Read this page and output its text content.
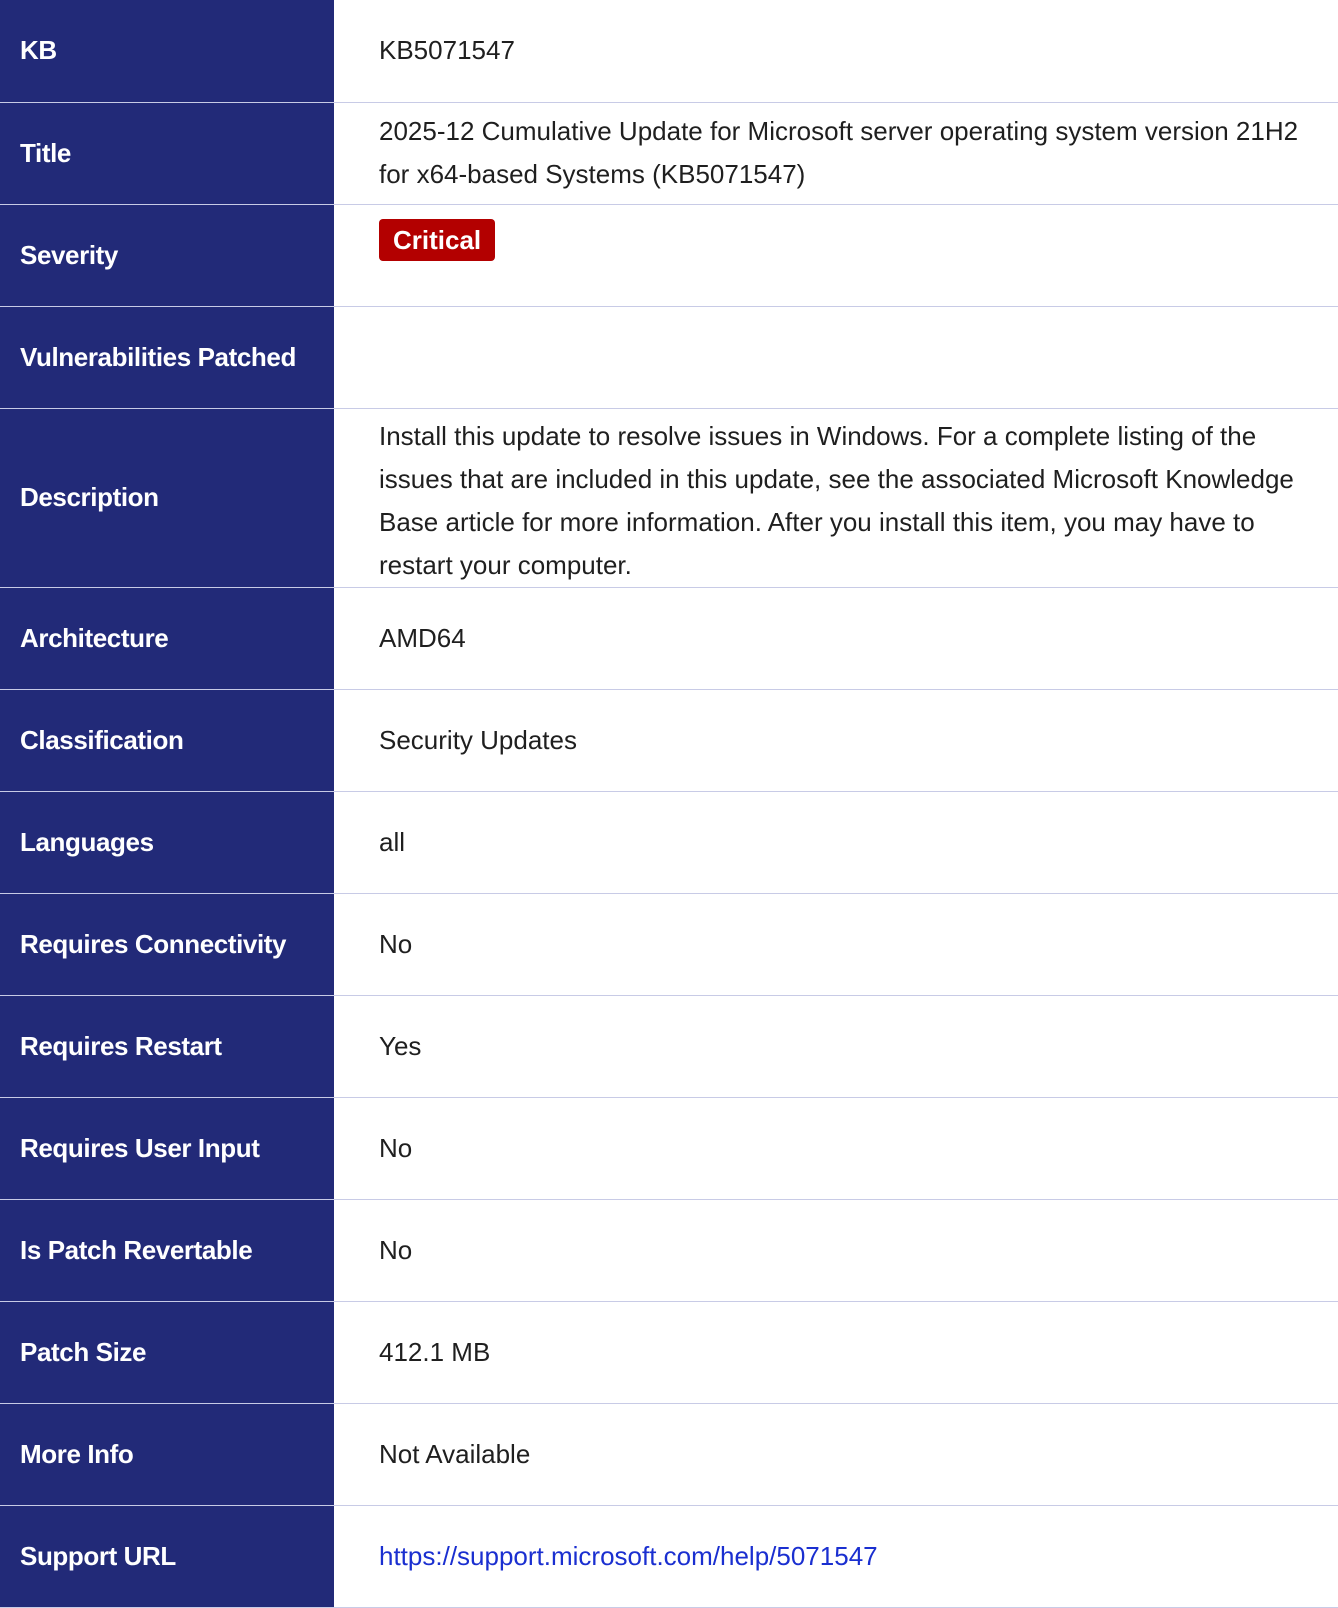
KB	KB5071547
Title	2025-12 Cumulative Update for Microsoft server operating system version 21H2 for x64-based Systems (KB5071547)
Severity	Critical
Vulnerabilities Patched	
Description	Install this update to resolve issues in Windows. For a complete listing of the issues that are included in this update, see the associated Microsoft Knowledge Base article for more information. After you install this item, you may have to restart your computer.
Architecture	AMD64
Classification	Security Updates
Languages	all
Requires Connectivity	No
Requires Restart	Yes
Requires User Input	No
Is Patch Revertable	No
Patch Size	412.1 MB
More Info	Not Available
Support URL	https://support.microsoft.com/help/5071547
